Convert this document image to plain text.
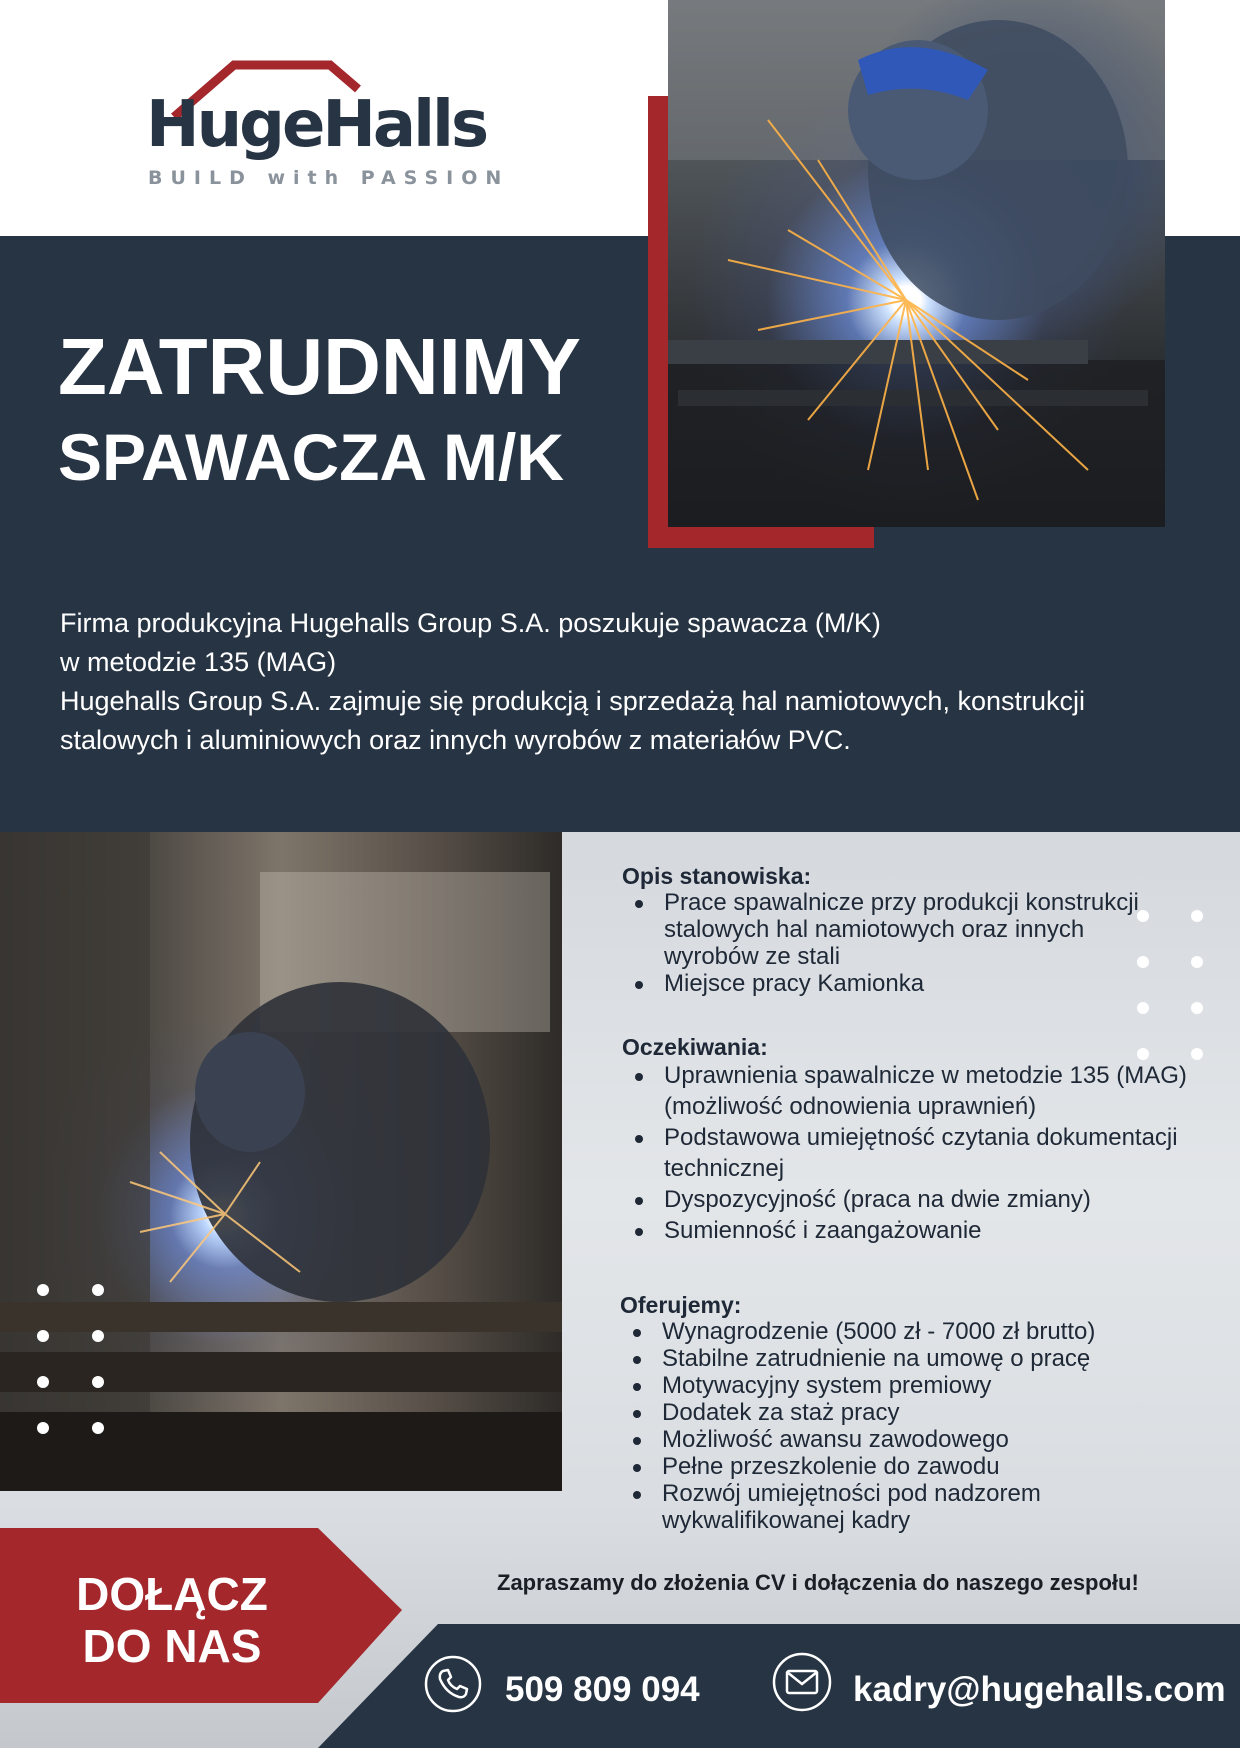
HugeHalls
BUILD with PASSION
ZATRUDNIMY
SPAWACZA M/K

Firma produkcyjna Hugehalls Group S.A. poszukuje spawacza (M/K)

w metodzie 135 (MAG)

Hugehalls Group S.A. zajmuje się produkcją i sprzedażą hal namiotowych, konstrukcji

stalowych i aluminiowych oraz innych wyrobów z materiałów PVC.

Opis stanowiska:
Prace spawalnicze przy produkcji konstrukcji stalowych hal namiotowych oraz innych wyrobów ze stali
Miejsce pracy Kamionka
Oczekiwania:
Uprawnienia spawalnicze w metodzie 135 (MAG) (możliwość odnowienia uprawnień)
Podstawowa umiejętność czytania dokumentacji technicznej
Dyspozycyjność (praca na dwie zmiany)
Sumienność i zaangażowanie
Oferujemy:
Wynagrodzenie (5000 zł - 7000 zł brutto)
Stabilne zatrudnienie na umowę o pracę
Motywacyjny system premiowy
Dodatek za staż pracy
Możliwość awansu zawodowego
Pełne przeszkolenie do zawodu
Rozwój umiejętności pod nadzorem wykwalifikowanej kadry
DOŁĄCZ
DO NAS
Zapraszamy do złożenia CV i dołączenia do naszego zespołu!
509 809 094	kadry@hugehalls.com
